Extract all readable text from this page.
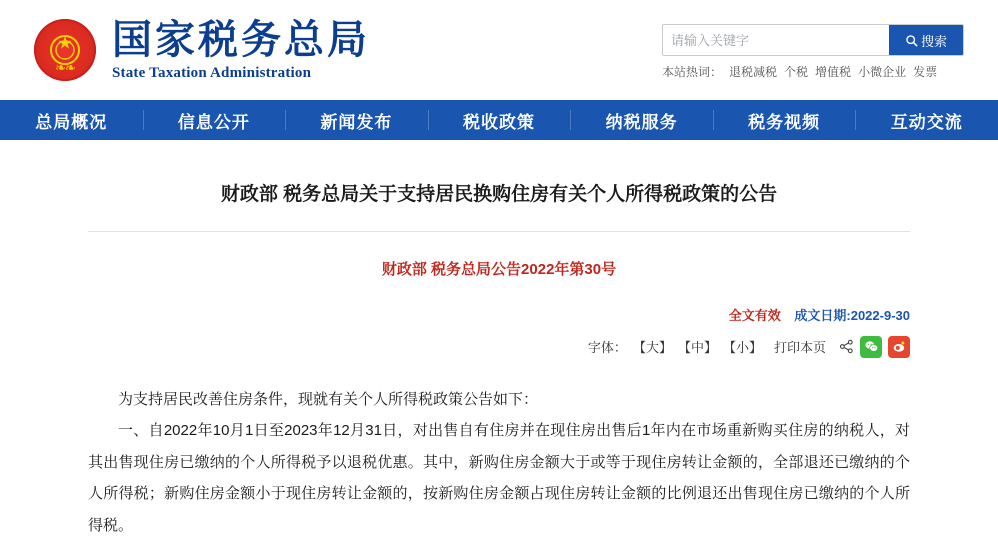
★
❧❧
国家税务总局
State Taxation Administration
请输入关键字
搜索
本站热词： 退税减税 个税 增值税 小微企业 发票
总局概况	信息公开	新闻发布	税收政策	纳税服务	税务视频	互动交流
财政部 税务总局关于支持居民换购住房有关个人所得税政策的公告
财政部 税务总局公告2022年第30号
全文有效 成文日期:2022-9-30
字体： 【大】 【中】 【小】 打印本页

为支持居民改善住房条件，现就有关个人所得税政策公告如下：

一、自2022年10月1日至2023年12月31日，对出售自有住房并在现住房出售后1年内在市场重新购买住房的纳税人，对其出售现住房已缴纳的个人所得税予以退税优惠。其中，新购住房金额大于或等于现住房转让金额的，全部退还已缴纳的个人所得税；新购住房金额小于现住房转让金额的，按新购住房金额占现住房转让金额的比例退还出售现住房已缴纳的个人所得税。
